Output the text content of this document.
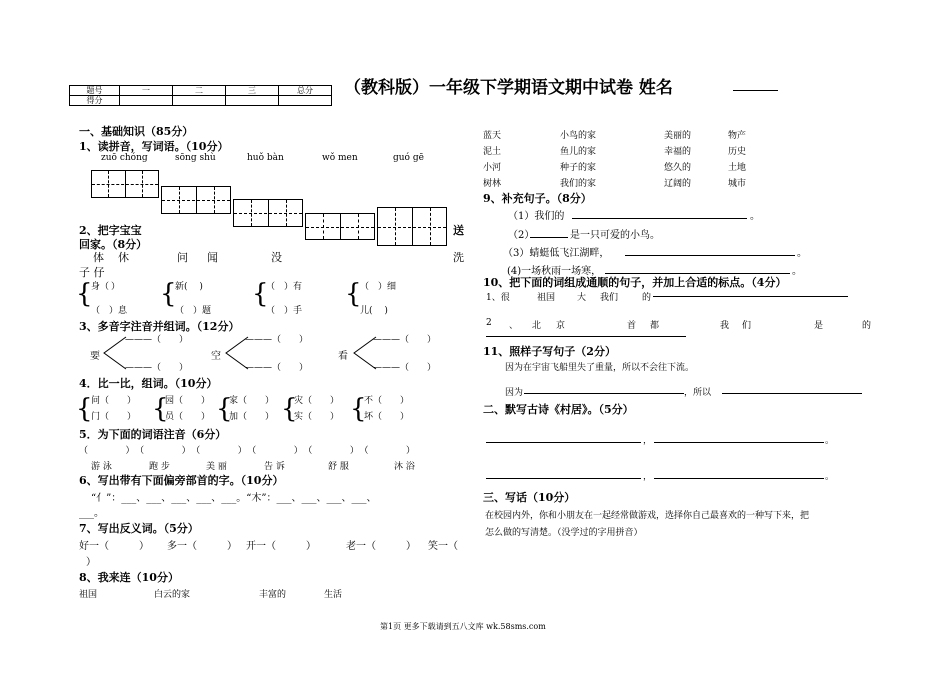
（教科版）一年级下学期语文期中试卷 姓名
题号	一	二	三	总分
得分				
一、基础知识（85分）
1、读拼音，写词语。（10分）
zuō chóng	sōng shù	huǒ bàn	wǒ men	guó gē
2、把字宝宝	送
回家。（8分）
体 休	问 闻	没	洗
子 仔
{
身（ ）
（　）息
{
新(　 )
（　）题
{
（　）有
（　）手
{
（　）细
儿(　 )
3、多音字注音并组词。（12分）
要	空	看
———（　　）
———（　　）
———（　　）
———（　　）
———（　　）
———（　　）
4．比一比，组词。（10分）
{
问（　　）
门（　　） {
园（　　）
员（　　） {
家（　　）
加（　　） {
灾（　　）
实（　　） {
不（　　）
坏（　　）
5．为下面的词语注音（6分）
（　　　　）　（　　　　）　（　　　　）　（　　　　）　（　　　　）　（　　　　）
游 泳	跑 步	美 丽	告 诉	舒 服	沐 浴
6、写出带有下面偏旁部首的字。（10分）
“亻”：___、___、___、___、___。“木”：___、___、___、___、
___。
7、写出反义词。（5分）
好一（　　　） 多一（　　　） 开一（　　　）	老一（　　　） 笑一（
）
8、我来连（10分）
祖国	白云的家	丰富的	生活
蓝天	小鸟的家	美丽的	物产
泥土	鱼儿的家	幸福的	历史
小河	种子的家	悠久的	土地
树林	我们的家	辽阔的	城市
9、补充句子。（8分）
（1）我们的	。
（2）	是一只可爱的小鸟。
（3）蜻蜓低飞江湖畔，	。
(4)一场秋雨一场寒，	。
10、把下面的词组成通顺的句子，并加上合适的标点。（4分）
1、很	祖国 大 我们	的
2 、 北 京	首 都	我 们	是	的
11、照样子写句子（2分）
因为在宇宙飞船里失了重量，所以不会往下流。
因为	，所以
二、默写古诗《村居》。（5分）
，	。
，	。
三、写话（10分）
在校园内外，你和小朋友在一起经常做游戏，选择你自己最喜欢的一种写下来，把
怎么做的写清楚。（没学过的字用拼音）
第1页 更多下载请到五八文库 wk.58sms.com
